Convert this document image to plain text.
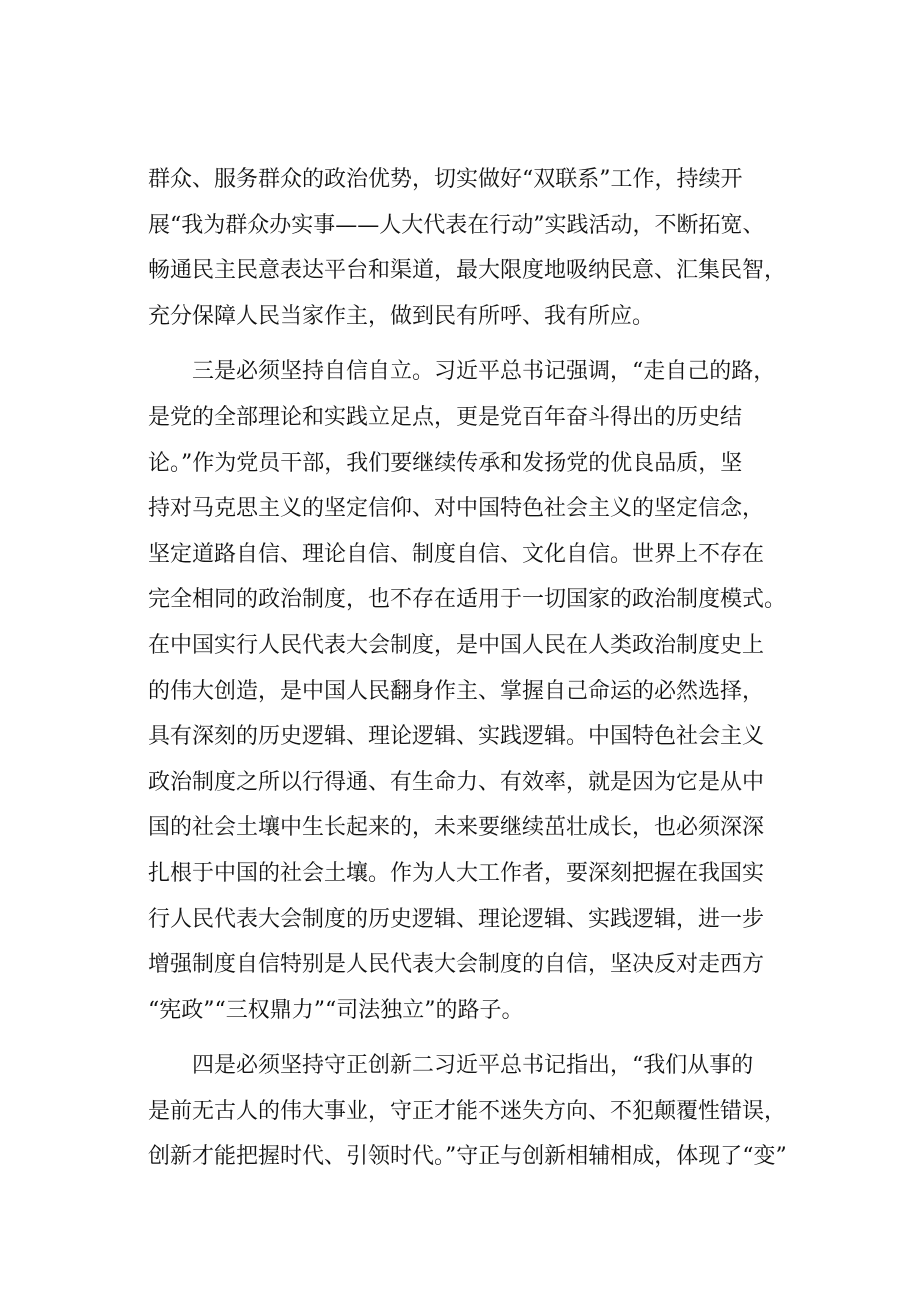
群众、服务群众的政治优势，切实做好“双联系”工作，持续开
展“我为群众办实事——人大代表在行动”实践活动，不断拓宽、
畅通民主民意表达平台和渠道，最大限度地吸纳民意、汇集民智，
充分保障人民当家作主，做到民有所呼、我有所应。
　　三是必须坚持自信自立。习近平总书记强调，“走自己的路，
是党的全部理论和实践立足点，更是党百年奋斗得出的历史结
论。”作为党员干部，我们要继续传承和发扬党的优良品质，坚
持对马克思主义的坚定信仰、对中国特色社会主义的坚定信念，
坚定道路自信、理论自信、制度自信、文化自信。世界上不存在
完全相同的政治制度，也不存在适用于一切国家的政治制度模式。
在中国实行人民代表大会制度，是中国人民在人类政治制度史上
的伟大创造，是中国人民翻身作主、掌握自己命运的必然选择，
具有深刻的历史逻辑、理论逻辑、实践逻辑。中国特色社会主义
政治制度之所以行得通、有生命力、有效率，就是因为它是从中
国的社会土壤中生长起来的，未来要继续茁壮成长，也必须深深
扎根于中国的社会土壤。作为人大工作者，要深刻把握在我国实
行人民代表大会制度的历史逻辑、理论逻辑、实践逻辑，进一步
增强制度自信特别是人民代表大会制度的自信，坚决反对走西方
“宪政”“三权鼎力”“司法独立”的路子。
　　四是必须坚持守正创新二习近平总书记指出，“我们从事的
是前无古人的伟大事业，守正才能不迷失方向、不犯颠覆性错误，
创新才能把握时代、引领时代。”守正与创新相辅相成，体现了“变”
